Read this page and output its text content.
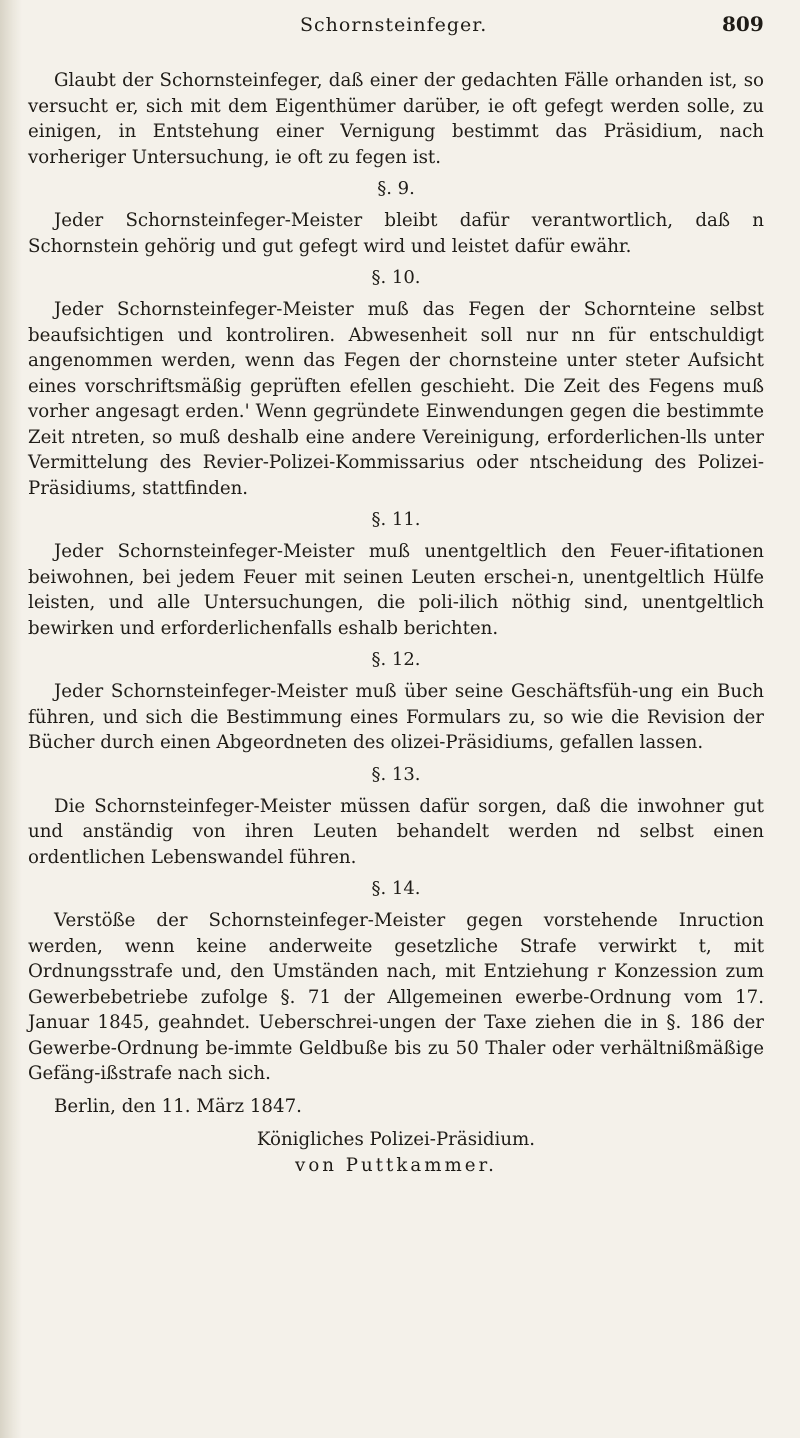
Schornsteinfeger.	809

Glaubt der Schornsteinfeger, daß einer der gedachten Fälle orhanden ist, so versucht er, sich mit dem Eigenthümer darüber, ie oft gefegt werden solle, zu einigen, in Entstehung einer Vernigung bestimmt das Präsidium, nach vorheriger Untersuchung, ie oft zu fegen ist.

§. 9.

Jeder Schornsteinfeger-Meister bleibt dafür verantwortlich, daß n Schornstein gehörig und gut gefegt wird und leistet dafür ewähr.

§. 10.

Jeder Schornsteinfeger-Meister muß das Fegen der Schornteine selbst beaufsichtigen und kontroliren. Abwesenheit soll nur nn für entschuldigt angenommen werden, wenn das Fegen der chornsteine unter steter Aufsicht eines vorschriftsmäßig geprüften efellen geschieht. Die Zeit des Fegens muß vorher angesagt erden.' Wenn gegründete Einwendungen gegen die bestimmte Zeit ntreten, so muß deshalb eine andere Vereinigung, erforderlichen-lls unter Vermittelung des Revier-Polizei-Kommissarius oder ntscheidung des Polizei-Präsidiums, stattfinden.

§. 11.

Jeder Schornsteinfeger-Meister muß unentgeltlich den Feuer-ifitationen beiwohnen, bei jedem Feuer mit seinen Leuten erschei-n, unentgeltlich Hülfe leisten, und alle Untersuchungen, die poli-ilich nöthig sind, unentgeltlich bewirken und erforderlichenfalls eshalb berichten.

§. 12.

Jeder Schornsteinfeger-Meister muß über seine Geschäftsfüh-ung ein Buch führen, und sich die Bestimmung eines Formulars zu, so wie die Revision der Bücher durch einen Abgeordneten des olizei-Präsidiums, gefallen lassen.

§. 13.

Die Schornsteinfeger-Meister müssen dafür sorgen, daß die inwohner gut und anständig von ihren Leuten behandelt werden nd selbst einen ordentlichen Lebenswandel führen.

§. 14.

Verstöße der Schornsteinfeger-Meister gegen vorstehende Inruction werden, wenn keine anderweite gesetzliche Strafe verwirkt t, mit Ordnungsstrafe und, den Umständen nach, mit Entziehung r Konzession zum Gewerbebetriebe zufolge §. 71 der Allgemeinen ewerbe-Ordnung vom 17. Januar 1845, geahndet. Ueberschrei-ungen der Taxe ziehen die in §. 186 der Gewerbe-Ordnung be-immte Geldbuße bis zu 50 Thaler oder verhältnißmäßige Gefäng-ißstrafe nach sich.

Berlin, den 11. März 1847.

Königliches Polizei-Präsidium.

von Puttkammer.
